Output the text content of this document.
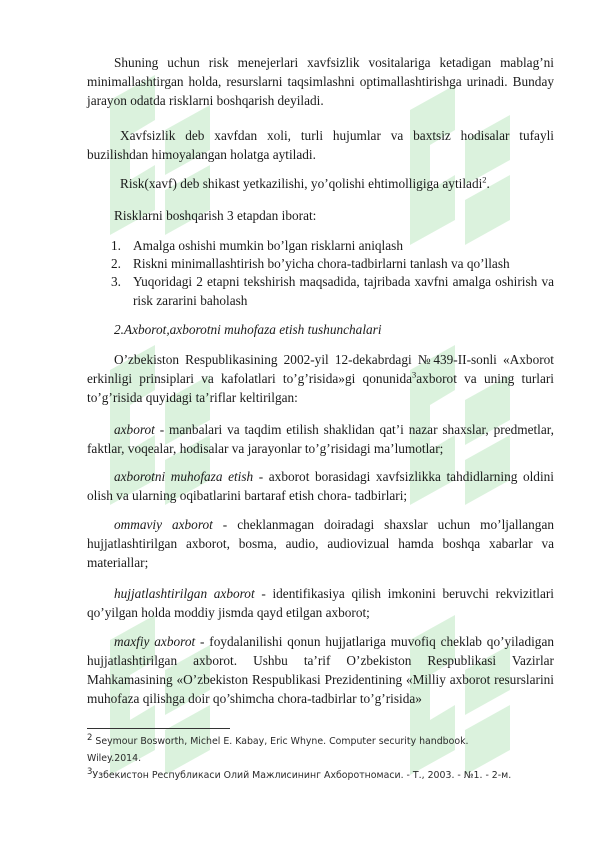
Shuning uchun risk menejerlari xavfsizlik vositalariga ketadigan mablag’ni minimallashtirgan holda, resurslarni taqsimlashni optimallashtirishga urinadi. Bunday jarayon odatda risklarni boshqarish deyiladi.

Xavfsizlik deb xavfdan xoli, turli hujumlar va baxtsiz hodisalar tufayli buzilishdan himoyalangan holatga aytiladi.

Risk(xavf) deb shikast yetkazilishi, yo’qolishi ehtimolligiga aytiladi$^2$.

Risklarni boshqarish 3 etapdan iborat:

1. Amalga oshishi mumkin bo’lgan risklarni aniqlash
2. Riskni minimallashtirish bo’yicha chora-tadbirlarni tanlash va qo’llash
3. Yuqoridagi 2 etapni tekshirish maqsadida, tajribada xavfni amalga oshirish va risk zararini baholash

2.Axborot,axborotni muhofaza etish tushunchalari

O’zbekiston Respublikasining 2002-yil 12-dekabrdagi №439-II-sonli «Axborot erkinligi prinsiplari va kafolatlari to’g’risida»gi qonunida$^3$axborot va uning turlari to’g’risida quyidagi ta’riflar keltirilgan:

axborot - manbalari va taqdim etilish shaklidan qat’i nazar shaxslar, predmetlar, faktlar, voqealar, hodisalar va jarayonlar to’g’risidagi ma’lumotlar;

axborotni muhofaza etish - axborot borasidagi xavfsizlikka tahdidlarning oldini olish va ularning oqibatlarini bartaraf etish chora- tadbirlari;

ommaviy axborot - cheklanmagan doiradagi shaxslar uchun mo’ljallangan hujjatlashtirilgan axborot, bosma, audio, audiovizual hamda boshqa xabarlar va materiallar;

hujjatlashtirilgan axborot - identifikasiya qilish imkonini beruvchi rekvizitlari qo’yilgan holda moddiy jismda qayd etilgan axborot;

maxfiy axborot - foydalanilishi qonun hujjatlariga muvofiq cheklab qo’yiladigan hujjatlashtirilgan axborot. Ushbu ta’rif O’zbekiston Respublikasi Vazirlar Mahkamasining «O’zbekiston Respublikasi Prezidentining «Milliy axborot resurslarini muhofaza qilishga doir qo’shimcha chora-tadbirlar to’g’risida»

2 Seymour Bosworth, Michel E. Kabay, Eric Whyne. Computer security handbook.
Wiley.2014.
3Узбекистон Республикаси Олий Мажлисининг Ахборотномаси. - Т., 2003. - №1. - 2-м.
